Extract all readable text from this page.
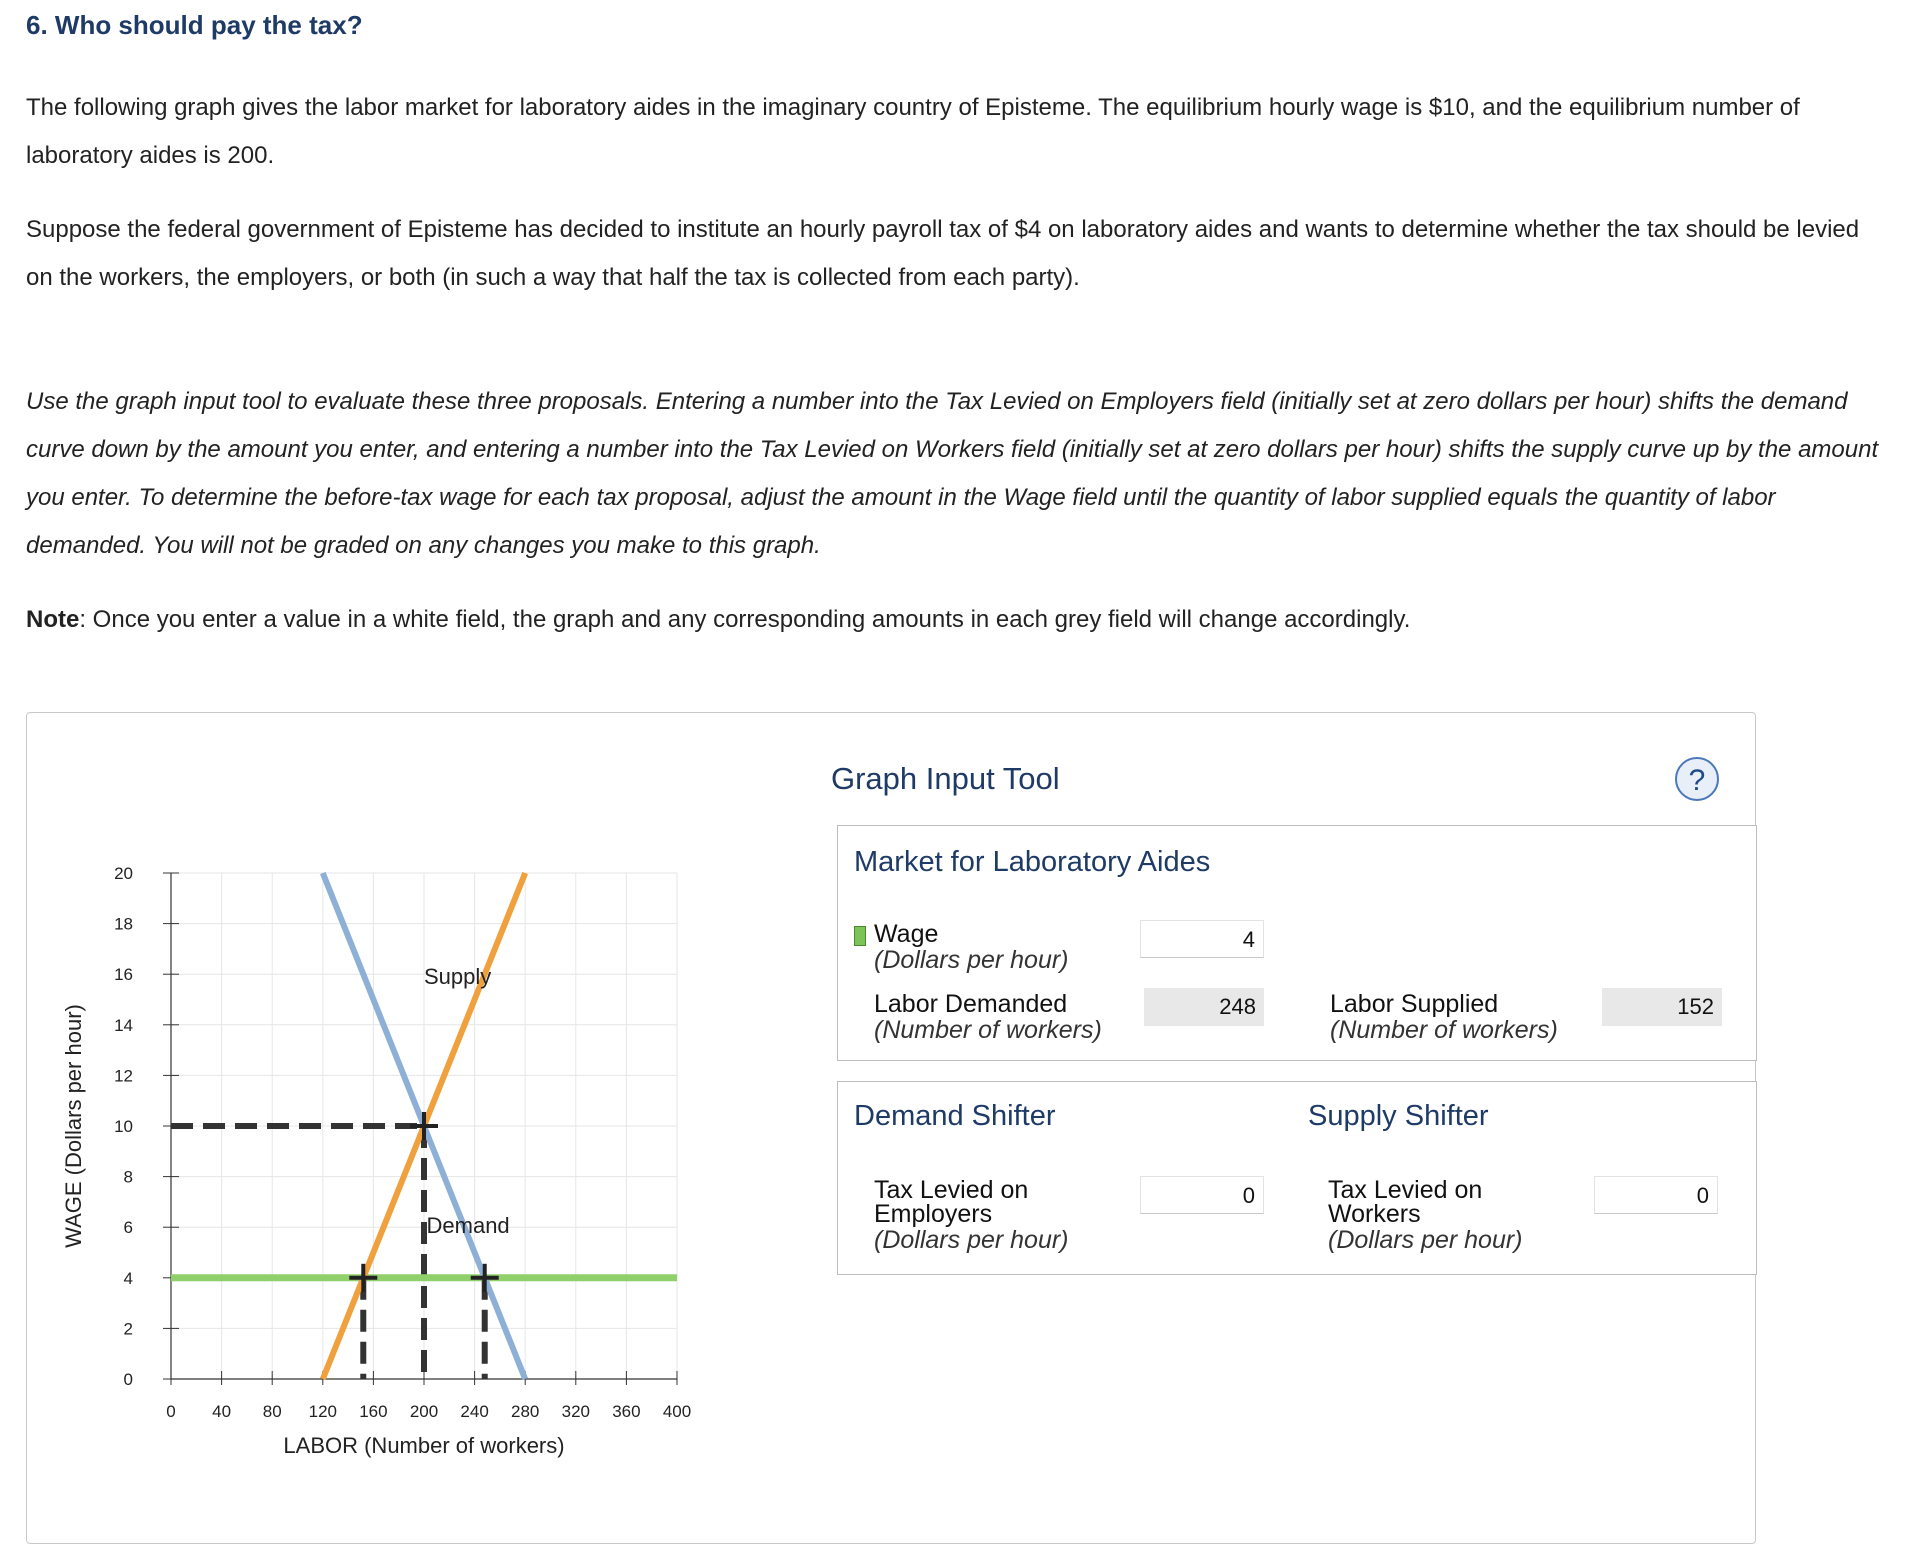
6. Who should pay the tax?
The following graph gives the labor market for laboratory aides in the imaginary country of Episteme. The equilibrium hourly wage is $10, and the equilibrium number of laboratory aides is 200.
Suppose the federal government of Episteme has decided to institute an hourly payroll tax of $4 on laboratory aides and wants to determine whether the tax should be levied on the workers, the employers, or both (in such a way that half the tax is collected from each party).
Use the graph input tool to evaluate these three proposals. Entering a number into the Tax Levied on Employers field (initially set at zero dollars per hour) shifts the demand curve down by the amount you enter, and entering a number into the Tax Levied on Workers field (initially set at zero dollars per hour) shifts the supply curve up by the amount you enter. To determine the before-tax wage for each tax proposal, adjust the amount in the Wage field until the quantity of labor supplied equals the quantity of labor demanded. You will not be graded on any changes you make to this graph.
Note: Once you enter a value in a white field, the graph and any corresponding amounts in each grey field will change accordingly.
0
2
4
6
8
10
12
14
16
18
20
0 40 80 120 160 200 240 280 320 360 400
LABOR (Number of workers)
WAGE (Dollars per hour)
Supply
Demand
Graph Input Tool	?
Market for Laboratory Aides
Wage
(Dollars per hour)
4
Labor Demanded
(Number of workers)
248	Labor Supplied
(Number of workers)
152
Demand Shifter
Tax Levied on
Employers
(Dollars per hour)
0
Supply Shifter
Tax Levied on
Workers
(Dollars per hour)
0
